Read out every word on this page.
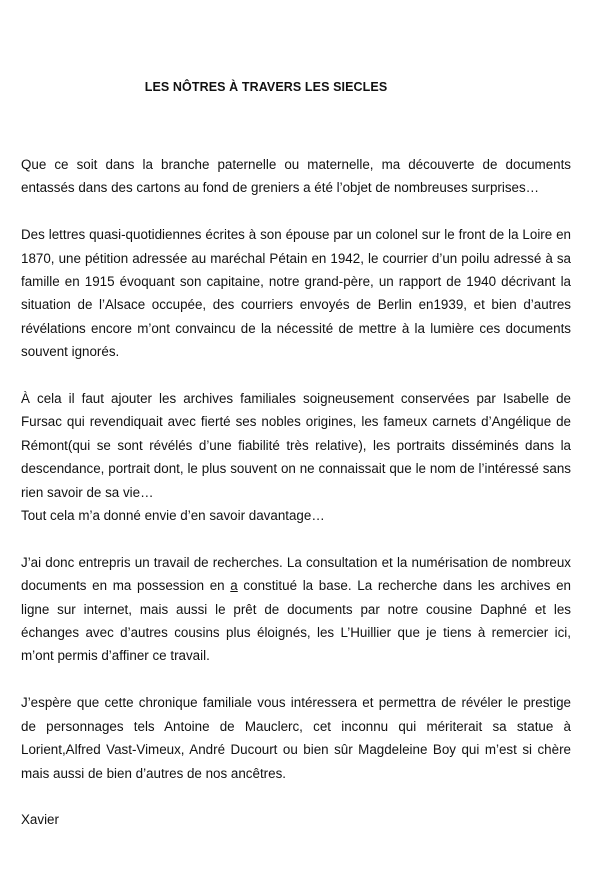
LES NÔTRES À TRAVERS LES SIECLES

Que ce soit dans la branche paternelle ou maternelle, ma découverte de documents entassés dans des cartons au fond de greniers a été l’objet de nombreuses surprises…

Des lettres quasi-quotidiennes écrites à son épouse par un colonel sur le front de la Loire en 1870, une pétition adressée au maréchal Pétain en 1942, le courrier d’un poilu adressé à sa famille en 1915 évoquant son capitaine, notre grand-père, un rapport de 1940 décrivant la situation de l’Alsace occupée, des courriers envoyés de Berlin en1939, et bien d’autres révélations encore m’ont convaincu de la nécessité de mettre à la lumière ces documents souvent ignorés.

À cela il faut ajouter les archives familiales soigneusement conservées par Isabelle de Fursac qui revendiquait avec fierté ses nobles origines, les fameux carnets d’Angélique de Rémont(qui se sont révélés d’une fiabilité très relative), les portraits disséminés dans la descendance, portrait dont, le plus souvent on ne connaissait que le nom de l’intéressé sans rien savoir de sa vie…
Tout cela m’a donné envie d’en savoir davantage…

J’ai donc entrepris un travail de recherches. La consultation et la numérisation de nombreux documents en ma possession en a constitué la base. La recherche dans les archives en ligne sur internet, mais aussi le prêt de documents par notre cousine Daphné et les échanges avec d’autres cousins plus éloignés, les L’Huillier que je tiens à remercier ici, m’ont permis d’affiner ce travail.

J’espère que cette chronique familiale vous intéressera et permettra de révéler le prestige de personnages tels Antoine de Mauclerc, cet inconnu qui mériterait sa statue à Lorient,Alfred Vast-Vimeux, André Ducourt ou bien sûr Magdeleine Boy qui m’est si chère mais aussi de bien d’autres de nos ancêtres.

Xavier
